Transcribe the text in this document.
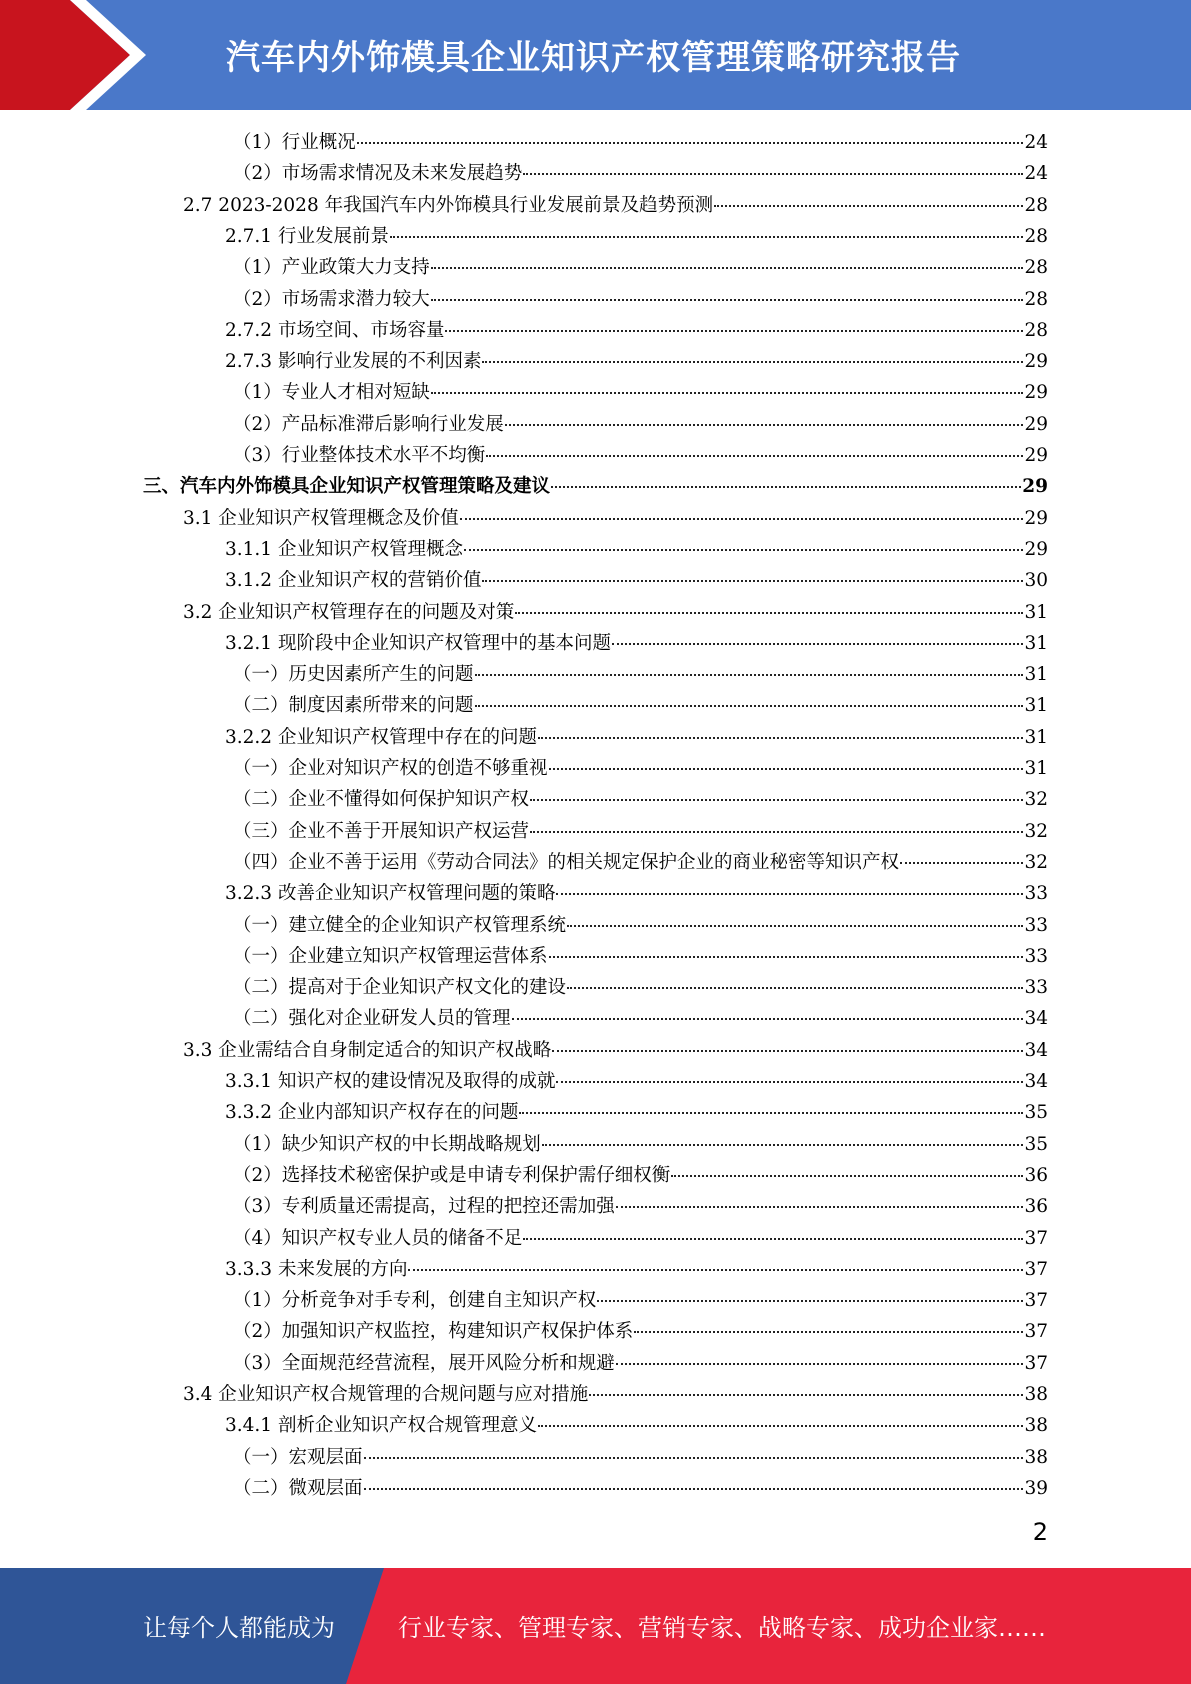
汽车内外饰模具企业知识产权管理策略研究报告
（1）行业概况	24
（2）市场需求情况及未来发展趋势	24
2.7 2023-2028 年我国汽车内外饰模具行业发展前景及趋势预测	28
2.7.1 行业发展前景	28
（1）产业政策大力支持	28
（2）市场需求潜力较大	28
2.7.2 市场空间、市场容量	28
2.7.3 影响行业发展的不利因素	29
（1）专业人才相对短缺	29
（2）产品标准滞后影响行业发展	29
（3）行业整体技术水平不均衡	29
三、汽车内外饰模具企业知识产权管理策略及建议	29
3.1 企业知识产权管理概念及价值	29
3.1.1 企业知识产权管理概念	29
3.1.2 企业知识产权的营销价值	30
3.2 企业知识产权管理存在的问题及对策	31
3.2.1 现阶段中企业知识产权管理中的基本问题	31
（一）历史因素所产生的问题	31
（二）制度因素所带来的问题	31
3.2.2 企业知识产权管理中存在的问题	31
（一）企业对知识产权的创造不够重视	31
（二）企业不懂得如何保护知识产权	32
（三）企业不善于开展知识产权运营	32
（四）企业不善于运用《劳动合同法》的相关规定保护企业的商业秘密等知识产权	32
3.2.3 改善企业知识产权管理问题的策略	33
（一）建立健全的企业知识产权管理系统	33
（一）企业建立知识产权管理运营体系	33
（二）提高对于企业知识产权文化的建设	33
（二）强化对企业研发人员的管理	34
3.3 企业需结合自身制定适合的知识产权战略	34
3.3.1 知识产权的建设情况及取得的成就	34
3.3.2 企业内部知识产权存在的问题	35
（1）缺少知识产权的中长期战略规划	35
（2）选择技术秘密保护或是申请专利保护需仔细权衡	36
（3）专利质量还需提高，过程的把控还需加强	36
（4）知识产权专业人员的储备不足	37
3.3.3 未来发展的方向	37
（1）分析竞争对手专利，创建自主知识产权	37
（2）加强知识产权监控，构建知识产权保护体系	37
（3）全面规范经营流程，展开风险分析和规避	37
3.4 企业知识产权合规管理的合规问题与应对措施	38
3.4.1 剖析企业知识产权合规管理意义	38
（一）宏观层面	38
（二）微观层面	39
2
让每个人都能成为	行业专家、管理专家、营销专家、战略专家、成功企业家……
